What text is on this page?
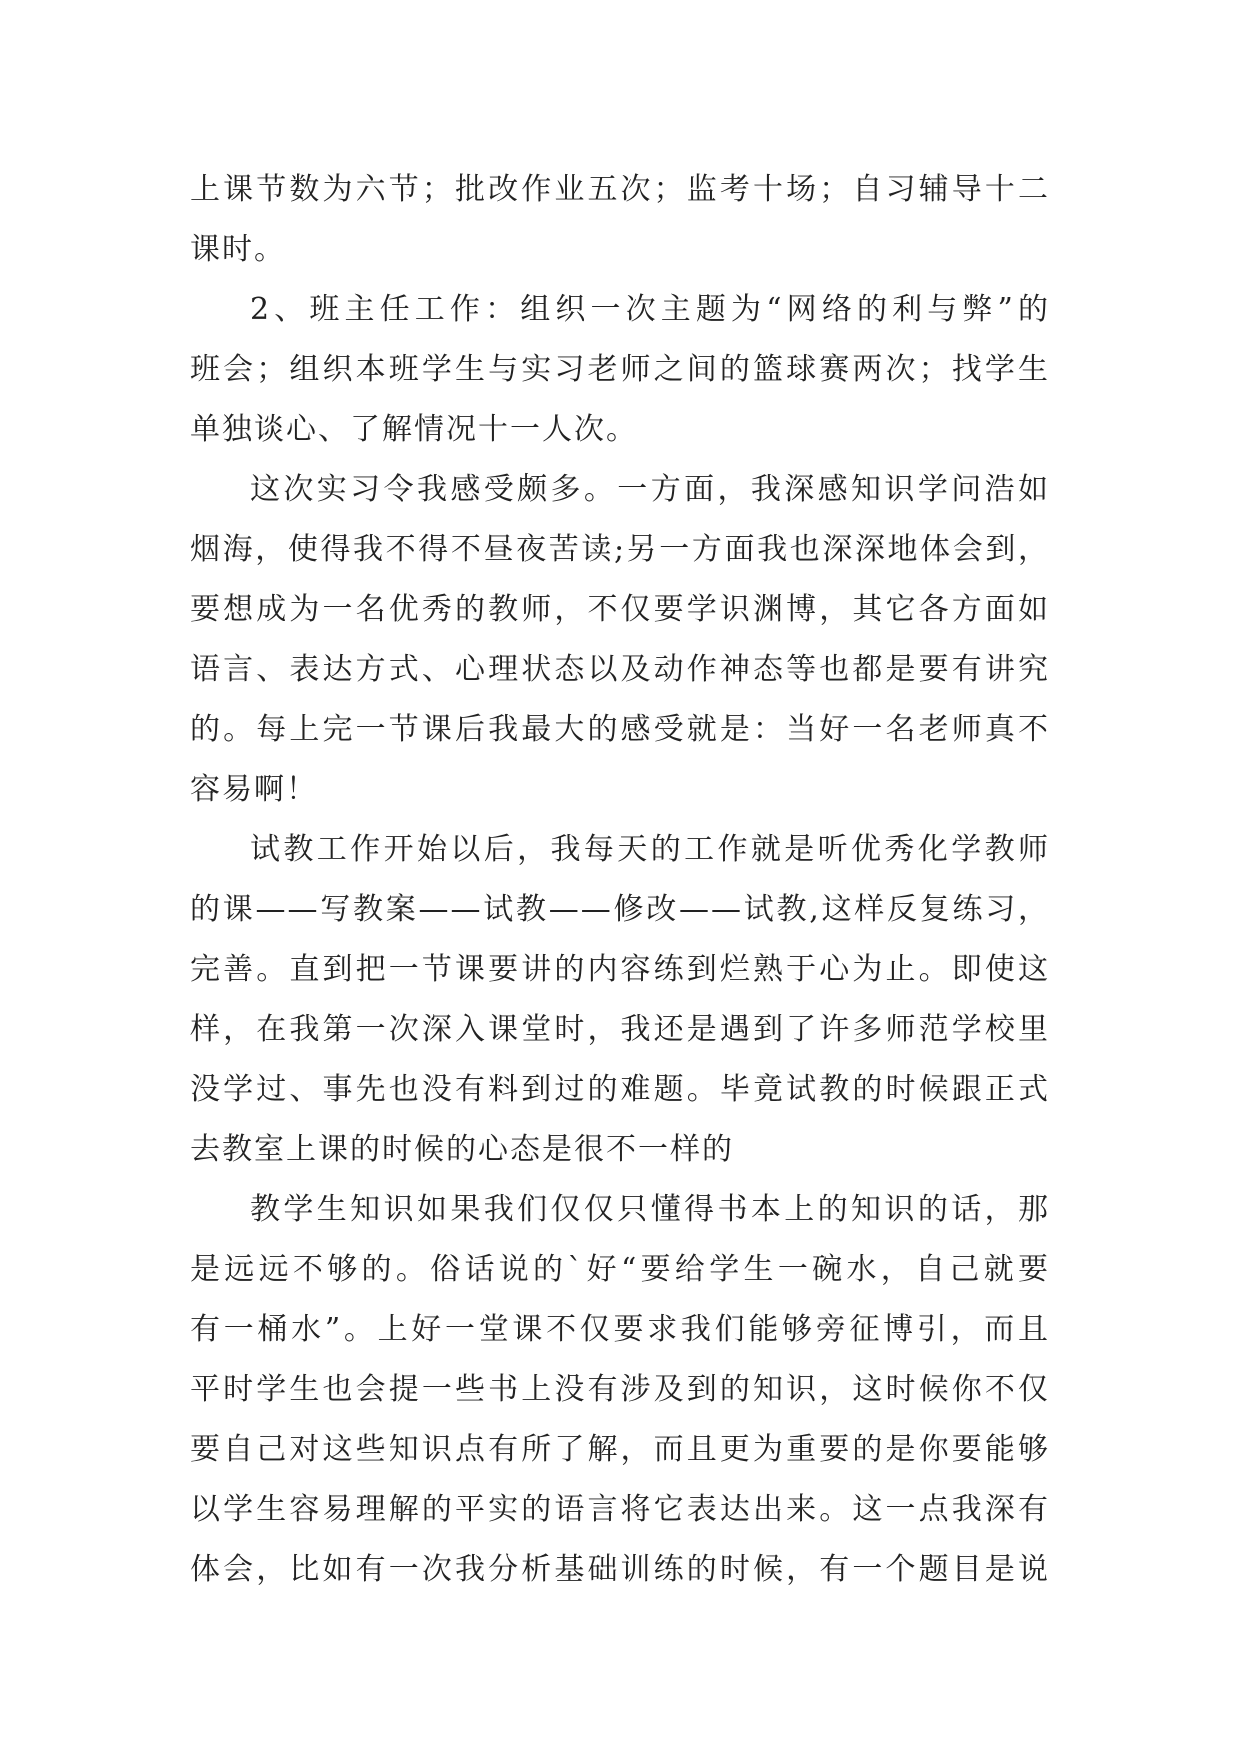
上课节数为六节；批改作业五次；监考十场；自习辅导十二
课时。
2、班主任工作：组织一次主题为“网络的利与弊”的
班会；组织本班学生与实习老师之间的篮球赛两次；找学生
单独谈心、了解情况十一人次。
这次实习令我感受颇多。一方面，我深感知识学问浩如
烟海，使得我不得不昼夜苦读;另一方面我也深深地体会到，
要想成为一名优秀的教师，不仅要学识渊博，其它各方面如
语言、表达方式、心理状态以及动作神态等也都是要有讲究
的。每上完一节课后我最大的感受就是：当好一名老师真不
容易啊！
试教工作开始以后，我每天的工作就是听优秀化学教师
的课——写教案——试教——修改——试教,这样反复练习，
完善。直到把一节课要讲的内容练到烂熟于心为止。即使这
样，在我第一次深入课堂时，我还是遇到了许多师范学校里
没学过、事先也没有料到过的难题。毕竟试教的时候跟正式
去教室上课的时候的心态是很不一样的
教学生知识如果我们仅仅只懂得书本上的知识的话，那
是远远不够的。俗话说的`好“要给学生一碗水，自己就要
有一桶水”。上好一堂课不仅要求我们能够旁征博引，而且
平时学生也会提一些书上没有涉及到的知识，这时候你不仅
要自己对这些知识点有所了解，而且更为重要的是你要能够
以学生容易理解的平实的语言将它表达出来。这一点我深有
体会，比如有一次我分析基础训练的时候，有一个题目是说
